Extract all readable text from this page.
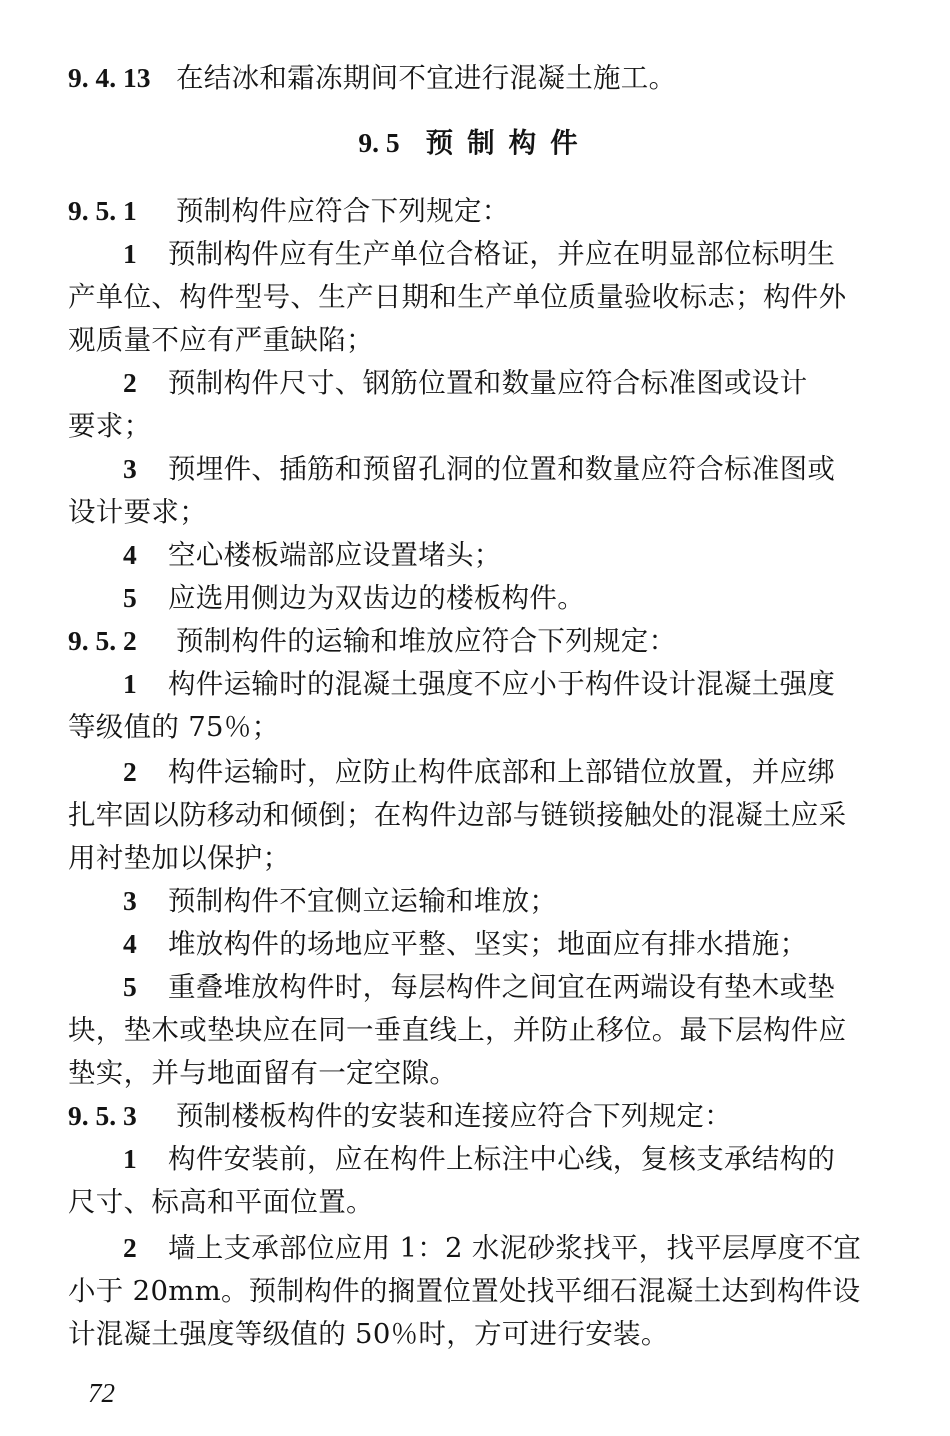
9. 4. 13 在结冰和霜冻期间不宜进行混凝土施工。
9. 5 预制构件
9. 5. 1 预制构件应符合下列规定：
1 预制构件应有生产单位合格证，并应在明显部位标明生
产单位、构件型号、生产日期和生产单位质量验收标志；构件外
观质量不应有严重缺陷；
2 预制构件尺寸、钢筋位置和数量应符合标准图或设计
要求；
3 预埋件、插筋和预留孔洞的位置和数量应符合标准图或
设计要求；
4 空心楼板端部应设置堵头；
5 应选用侧边为双齿边的楼板构件。
9. 5. 2 预制构件的运输和堆放应符合下列规定：
1 构件运输时的混凝土强度不应小于构件设计混凝土强度
等级值的 75％；
2 构件运输时，应防止构件底部和上部错位放置，并应绑
扎牢固以防移动和倾倒；在构件边部与链锁接触处的混凝土应采
用衬垫加以保护；
3 预制构件不宜侧立运输和堆放；
4 堆放构件的场地应平整、坚实；地面应有排水措施；
5 重叠堆放构件时，每层构件之间宜在两端设有垫木或垫
块，垫木或垫块应在同一垂直线上，并防止移位。最下层构件应
垫实，并与地面留有一定空隙。
9. 5. 3 预制楼板构件的安装和连接应符合下列规定：
1 构件安装前，应在构件上标注中心线，复核支承结构的
尺寸、标高和平面位置。
2 墙上支承部位应用 1：2 水泥砂浆找平，找平层厚度不宜
小于 20mm。预制构件的搁置位置处找平细石混凝土达到构件设
计混凝土强度等级值的 50％时，方可进行安装。
72
